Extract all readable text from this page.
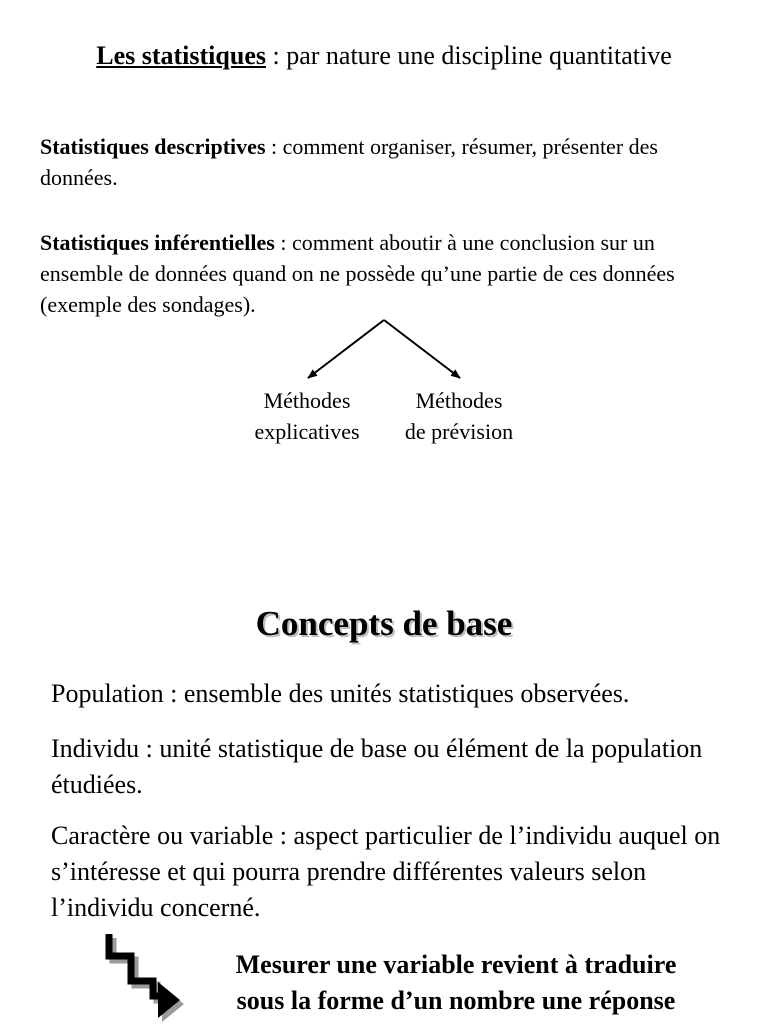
Les statistiques : par nature une discipline quantitative
Statistiques descriptives : comment organiser, résumer, présenter des données.
Statistiques inférentielles : comment aboutir à une conclusion sur un ensemble de données quand on ne possède qu’une partie de ces données (exemple des sondages).
Méthodes
explicatives
Méthodes
de prévision
Concepts de base
Population : ensemble des unités statistiques observées.
Individu : unité statistique de base ou élément de la population étudiées.
Caractère ou variable : aspect particulier de l’individu auquel on s’intéresse et qui pourra prendre différentes valeurs selon l’individu concerné.
Mesurer une variable revient à traduire
sous la forme d’un nombre une réponse
